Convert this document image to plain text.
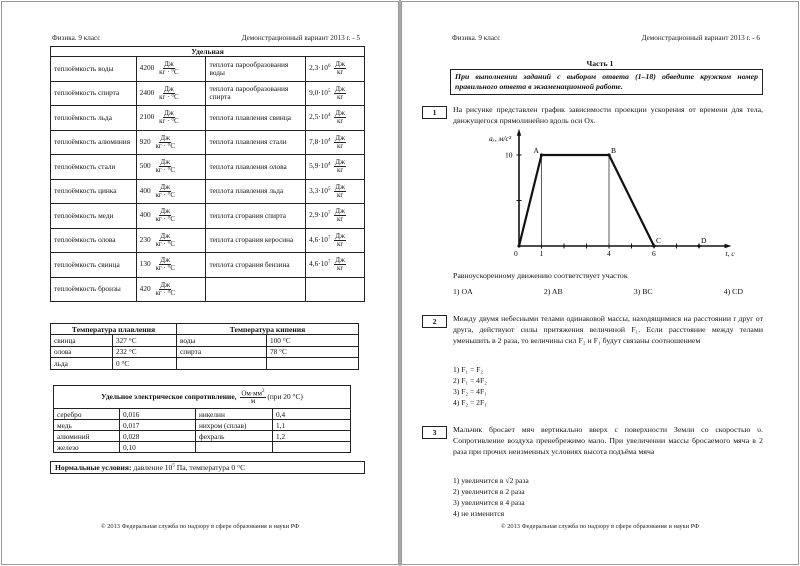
Физика. 9 класс	Демонстрационный вариант 2013 г. - 5
Удельная			
теплоёмкость воды	$4200 \frac{Дж}{кг \cdot ^\circ С}$	теплота парообразования воды	$2,3\cdot 10^6 \frac{Дж}{кг}$

теплоёмкость спирта	$2400 \frac{Дж}{кг \cdot ^\circ С}$	теплота парообразования спирта	$9,0\cdot 10^5 \frac{Дж}{кг}$

теплоёмкость льда	$2100 \frac{Дж}{кг \cdot ^\circ С}$	теплота плавления свинца	$2,5\cdot 10^4 \frac{Дж}{кг}$

теплоёмкость алюминия	$920 \frac{Дж}{кг \cdot ^\circ С}$	теплота плавления стали	$7,8\cdot 10^4 \frac{Дж}{кг}$

теплоёмкость стали	$500 \frac{Дж}{кг \cdot ^\circ С}$	теплота плавления олова	$5,9\cdot 10^4 \frac{Дж}{кг}$

теплоёмкость цинка	$400 \frac{Дж}{кг \cdot ^\circ С}$	теплота плавления льда	$3,3\cdot 10^5 \frac{Дж}{кг}$

теплоёмкость меди	$400 \frac{Дж}{кг \cdot ^\circ С}$	теплота сгорания спирта	$2,9\cdot 10^7 \frac{Дж}{кг}$

теплоёмкость олова	$230 \frac{Дж}{кг \cdot ^\circ С}$	теплота сгорания керосина	$4,6\cdot 10^7 \frac{Дж}{кг}$

теплоёмкость свинца	$130 \frac{Дж}{кг \cdot ^\circ С}$	теплота сгорания бензина	$4,6\cdot 10^7 \frac{Дж}{кг}$

теплоёмкость бронзы	$420 \frac{Дж}{кг \cdot ^\circ С}$

Температура плавления		Температура кипения	
свинца	327 °С	воды	100 °С
олова	232 °С	спирта	78 °С
льда	0 °С		
Удельное электрическое сопротивление, $\frac{Ом\cdot мм^2}{м} (при$ 20 °С)			
серебро	0,016	никелин	0,4
медь	0,017	нихром (сплав)	1,1
алюминий	0,028	фехраль	1,2
железо	0,10		
Нормальные условия: давление $10^5$ Па, температура 0 °С
© 2013 Федеральная служба по надзору в сфере образования и науки РФ
Физика. 9 класс	Демонстрационный вариант 2013 г. - 6
Часть 1
При выполнении заданий с выбором ответа (1–18) обведите кружком номер правильного ответа в экзаменационной работе.
1	На рисунке представлен график зависимости проекции ускорения от времени для тела, движущегося прямолинейно вдоль оси Ox.
0	1	4	6
10	A	B
C	D
aₓ, м/с²
t, с
Равноускоренному движению соответствует участок
1) OA	2) AB	3) BC	4) CD
2	Между двумя небесными телами одинаковой массы, находящимися на расстоянии r друг от друга, действуют силы притяжения величиной F₁. Если расстояние между телами уменьшить в 2 раза, то величины сил F₂ и F₁ будут связаны соотношением
1) F₁ = F₂
2) F₁ = 4F₂
3) F₂ = 4F₁
4) F₂ = 2F₁
3	Мальчик бросает мяч вертикально вверх с поверхности Земли со скоростью υ. Сопротивление воздуха пренебрежимо мало. При увеличении массы бросаемого мяча в 2 раза при прочих неизменных условиях высота подъёма мяча
1) увеличится в √2 раза
2) увеличится в 2 раза
3) увеличится в 4 раза
4) не изменится
© 2013 Федеральная служба по надзору в сфере образования и науки РФ
